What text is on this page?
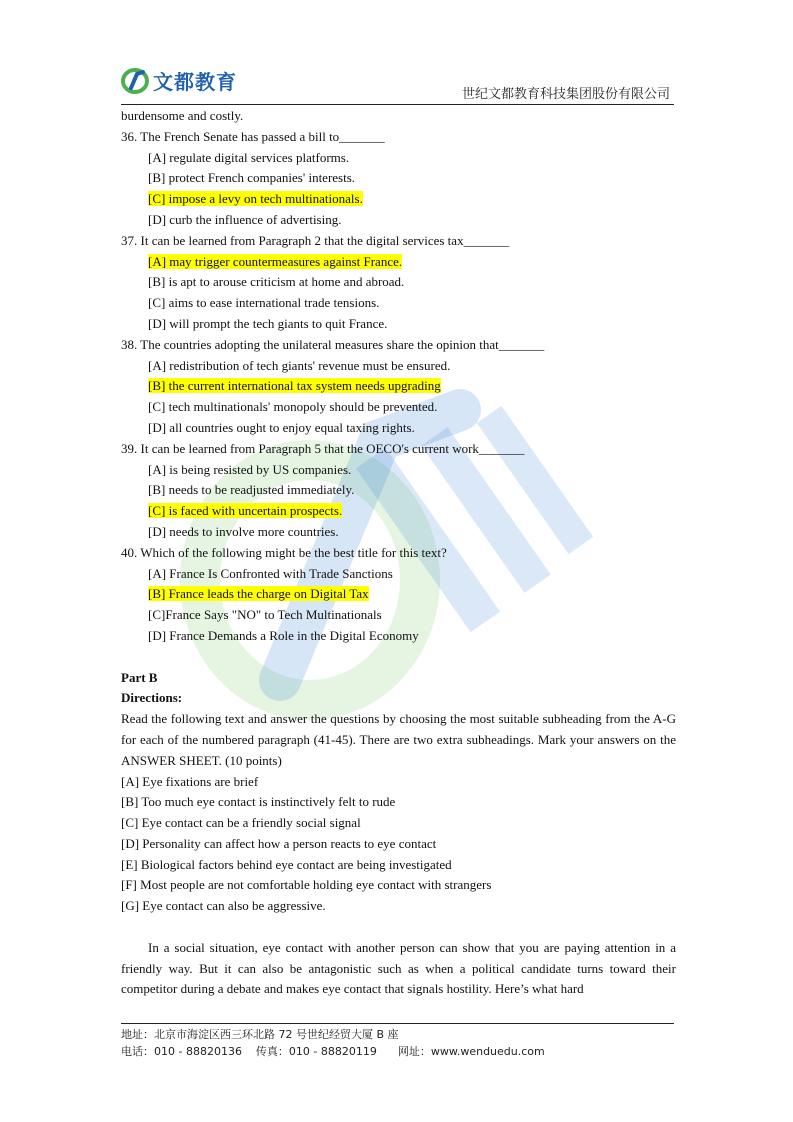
文都教育
世纪文都教育科技集团股份有限公司
burdensome and costly.
36. The French Senate has passed a bill to_______
[A] regulate digital services platforms.
[B] protect French companies' interests.
[C] impose a levy on tech multinationals.
[D] curb the influence of advertising.
37. It can be learned from Paragraph 2 that the digital services tax_______
[A] may trigger countermeasures against France.
[B] is apt to arouse criticism at home and abroad.
[C] aims to ease international trade tensions.
[D] will prompt the tech giants to quit France.
38. The countries adopting the unilateral measures share the opinion that_______
[A] redistribution of tech giants' revenue must be ensured.
[B] the current international tax system needs upgrading
[C] tech multinationals' monopoly should be prevented.
[D] all countries ought to enjoy equal taxing rights.
39. It can be learned from Paragraph 5 that the OECO's current work_______
[A] is being resisted by US companies.
[B] needs to be readjusted immediately.
[C] is faced with uncertain prospects.
[D] needs to involve more countries.
40. Which of the following might be the best title for this text?
[A] France Is Confronted with Trade Sanctions
[B] France leads the charge on Digital Tax
[C]France Says "NO" to Tech Multinationals
[D] France Demands a Role in the Digital Economy
Part B
Directions:
Read the following text and answer the questions by choosing the most suitable subheading from the A-G for each of the numbered paragraph (41-45). There are two extra subheadings. Mark your answers on the ANSWER SHEET. (10 points)
[A] Eye fixations are brief
[B] Too much eye contact is instinctively felt to rude
[C] Eye contact can be a friendly social signal
[D] Personality can affect how a person reacts to eye contact
[E] Biological factors behind eye contact are being investigated
[F] Most people are not comfortable holding eye contact with strangers
[G] Eye contact can also be aggressive.
In a social situation, eye contact with another person can show that you are paying attention in a friendly way. But it can also be antagonistic such as when a political candidate turns toward their competitor during a debate and makes eye contact that signals hostility. Here’s what hard
地址：北京市海淀区西三环北路 72 号世纪经贸大厦 B 座
电话：010 - 88820136    传真：010 - 88820119      网址：www.wenduedu.com
